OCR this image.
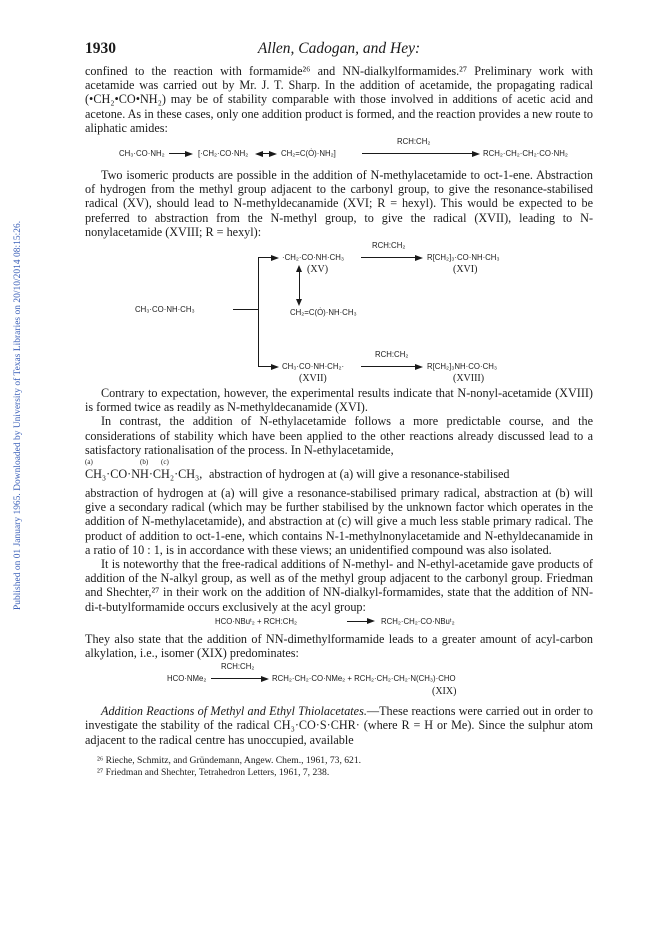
Published on 01 January 1965. Downloaded by University of Texas Libraries on 20/10/2014 08:15:26.
1930	Allen, Cadogan, and Hey:

confined to the reaction with formamide²⁶ and NN-dialkylformamides.²⁷ Preliminary work with acetamide was carried out by Mr. J. T. Sharp. In the addition of acetamide, the propagating radical (•CH₂•CO•NH₂) may be of stability comparable with those involved in additions of acetic acid and acetone. As in these cases, only one addition product is formed, and the reaction provides a new route to aliphatic amides:

CH₃·CO·NH₂	[·CH₂·CO·NH₂	CH₂=C(Ȯ)·NH₂]
RCH:CH₂
RCH₂·CH₂·CH₂·CO·NH₂

Two isomeric products are possible in the addition of N-methylacetamide to oct-1-ene. Abstraction of hydrogen from the methyl group adjacent to the carbonyl group, to give the resonance-stabilised radical (XV), should lead to N-methyldecanamide (XVI; R = hexyl). This would be expected to be preferred to abstraction from the N-methyl group, to give the radical (XVII), leading to N-nonylacetamide (XVIII; R = hexyl):

CH₃·CO·NH·CH₃
·CH₂·CO·NH·CH₃
RCH:CH₂
R[CH₂]₃·CO·NH·CH₃
(XVI)
(XV)
CH₂=C(Ȯ)·NH·CH₃
CH₃·CO·NH·CH₂·
(XVII)
RCH:CH₂
R[CH₂]₃NH·CO·CH₃
(XVIII)

Contrary to expectation, however, the experimental results indicate that N-nonyl-acetamide (XVIII) is formed twice as readily as N-methyldecanamide (XVI).

In contrast, the addition of N-ethylacetamide follows a more predictable course, and the considerations of stability which have been applied to the other reactions already discussed lead to a satisfactory rationalisation of the process. In N-ethylacetamide,

(a)	(b) (c)
CH₃·CO·NH·CH₂·CH₃, abstraction of hydrogen at (a) will give a resonance-stabilised

abstraction of hydrogen at (a) will give a resonance-stabilised primary radical, abstraction at (b) will give a secondary radical (which may be further stabilised by the unknown factor which operates in the addition of N-methylacetamide), and abstraction at (c) will give a much less stable primary radical. The product of addition to oct-1-ene, which contains N-1-methylnonylacetamide and N-ethyldecanamide in a ratio of 10 : 1, is in accordance with these views; an unidentified compound was also isolated.

It is noteworthy that the free-radical additions of N-methyl- and N-ethyl-acetamide gave products of addition of the N-alkyl group, as well as of the methyl group adjacent to the carbonyl group. Friedman and Shechter,²⁷ in their work on the addition of NN-dialkyl-formamides, state that the addition of NN-di-t-butylformamide occurs exclusively at the acyl group:

HCO·NBuᵗ₂ + RCH:CH₂	RCH₂·CH₂·CO·NBuᵗ₂

They also state that the addition of NN-dimethylformamide leads to a greater amount of acyl-carbon alkylation, i.e., isomer (XIX) predominates:

HCO·NMe₂
RCH:CH₂
RCH₂·CH₂·CO·NMe₂ + RCH₂·CH₂·CH₂·N(CH₃)·CHO
(XIX)

Addition Reactions of Methyl and Ethyl Thiolacetates.—These reactions were carried out in order to investigate the stability of the radical CH₃·CO·S·CHR· (where R = H or Me). Since the sulphur atom adjacent to the radical centre has unoccupied, available

²⁶ Rieche, Schmitz, and Gründemann, Angew. Chem., 1961, 73, 621.

²⁷ Friedman and Shechter, Tetrahedron Letters, 1961, 7, 238.
